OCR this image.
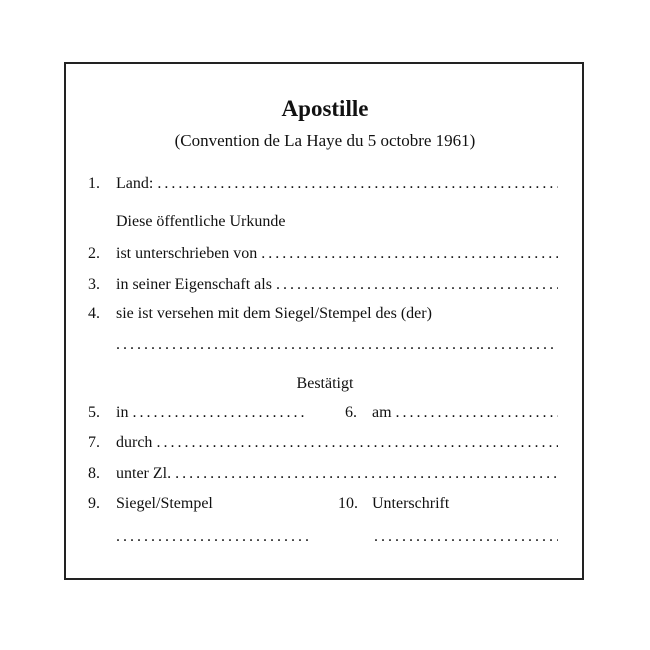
Apostille
(Convention de La Haye du 5 octobre 1961)
1.	Land:
.....
Diese öffentliche Urkunde
2.	ist unterschrieben von
.....
3.	in seiner Eigenschaft als
.....
4.	sie ist versehen mit dem Siegel/Stempel des (der)
.....
Bestätigt
5.	in
.....	6. am
.....
7.	durch
.....
8.	unter Zl.
.....
9.	Siegel/Stempel	10. Unterschrift
.....
.....
